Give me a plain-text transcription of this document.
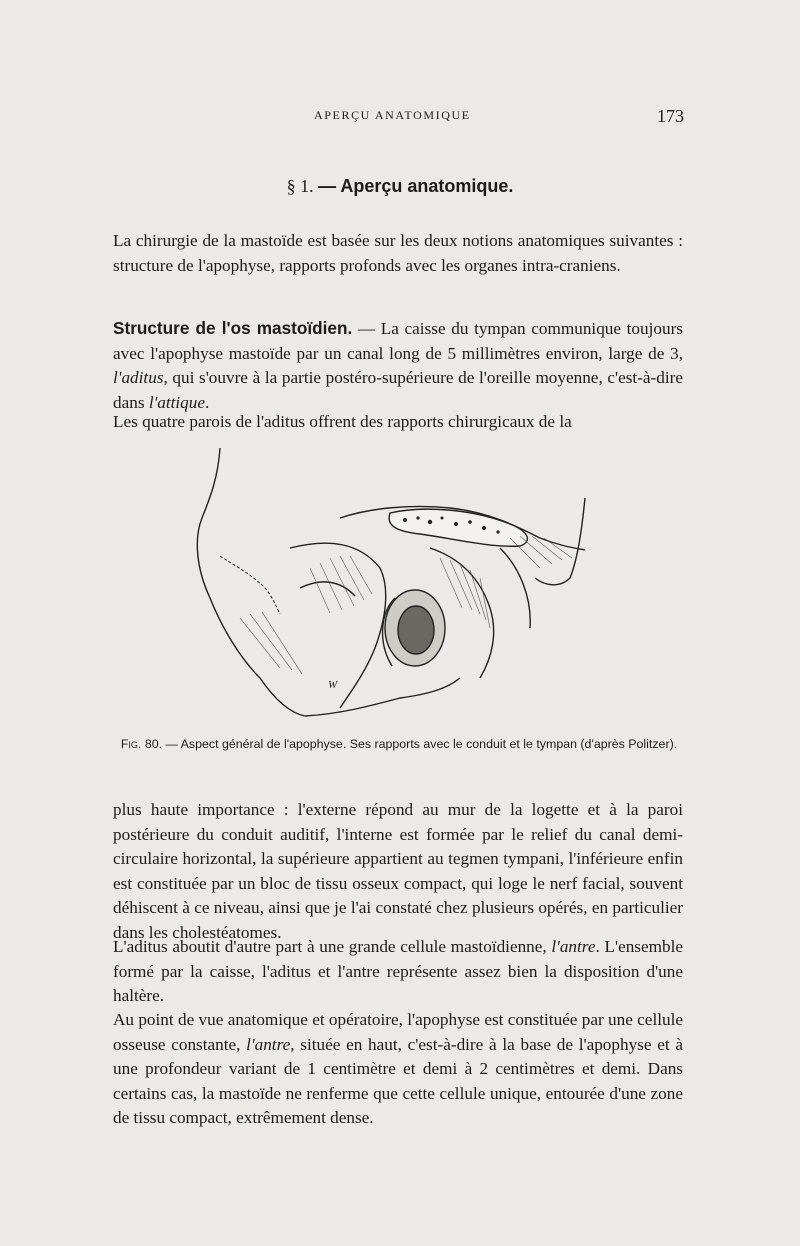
APERÇU ANATOMIQUE	173
§ 1. — Aperçu anatomique.

La chirurgie de la mastoïde est basée sur les deux notions anatomiques suivantes : structure de l'apophyse, rapports profonds avec les organes intra-craniens.

Structure de l'os mastoïdien. — La caisse du tympan communique toujours avec l'apophyse mastoïde par un canal long de 5 millimètres environ, large de 3, l'aditus, qui s'ouvre à la partie postéro-supérieure de l'oreille moyenne, c'est-à-dire dans l'attique.

Les quatre parois de l'aditus offrent des rapports chirurgicaux de la

W
Fig. 80. — Aspect général de l'apophyse. Ses rapports avec le conduit et le tympan (d'après Politzer).

plus haute importance : l'externe répond au mur de la logette et à la paroi postérieure du conduit auditif, l'interne est formée par le relief du canal demi-circulaire horizontal, la supérieure appartient au tegmen tympani, l'inférieure enfin est constituée par un bloc de tissu osseux compact, qui loge le nerf facial, souvent déhiscent à ce niveau, ainsi que je l'ai constaté chez plusieurs opérés, en particulier dans les cholestéatomes.

L'aditus aboutit d'autre part à une grande cellule mastoïdienne, l'antre. L'ensemble formé par la caisse, l'aditus et l'antre représente assez bien la disposition d'une haltère.

Au point de vue anatomique et opératoire, l'apophyse est constituée par une cellule osseuse constante, l'antre, située en haut, c'est-à-dire à la base de l'apophyse et à une profondeur variant de 1 centimètre et demi à 2 centimètres et demi. Dans certains cas, la mastoïde ne renferme que cette cellule unique, entourée d'une zone de tissu compact, extrêmement dense.
